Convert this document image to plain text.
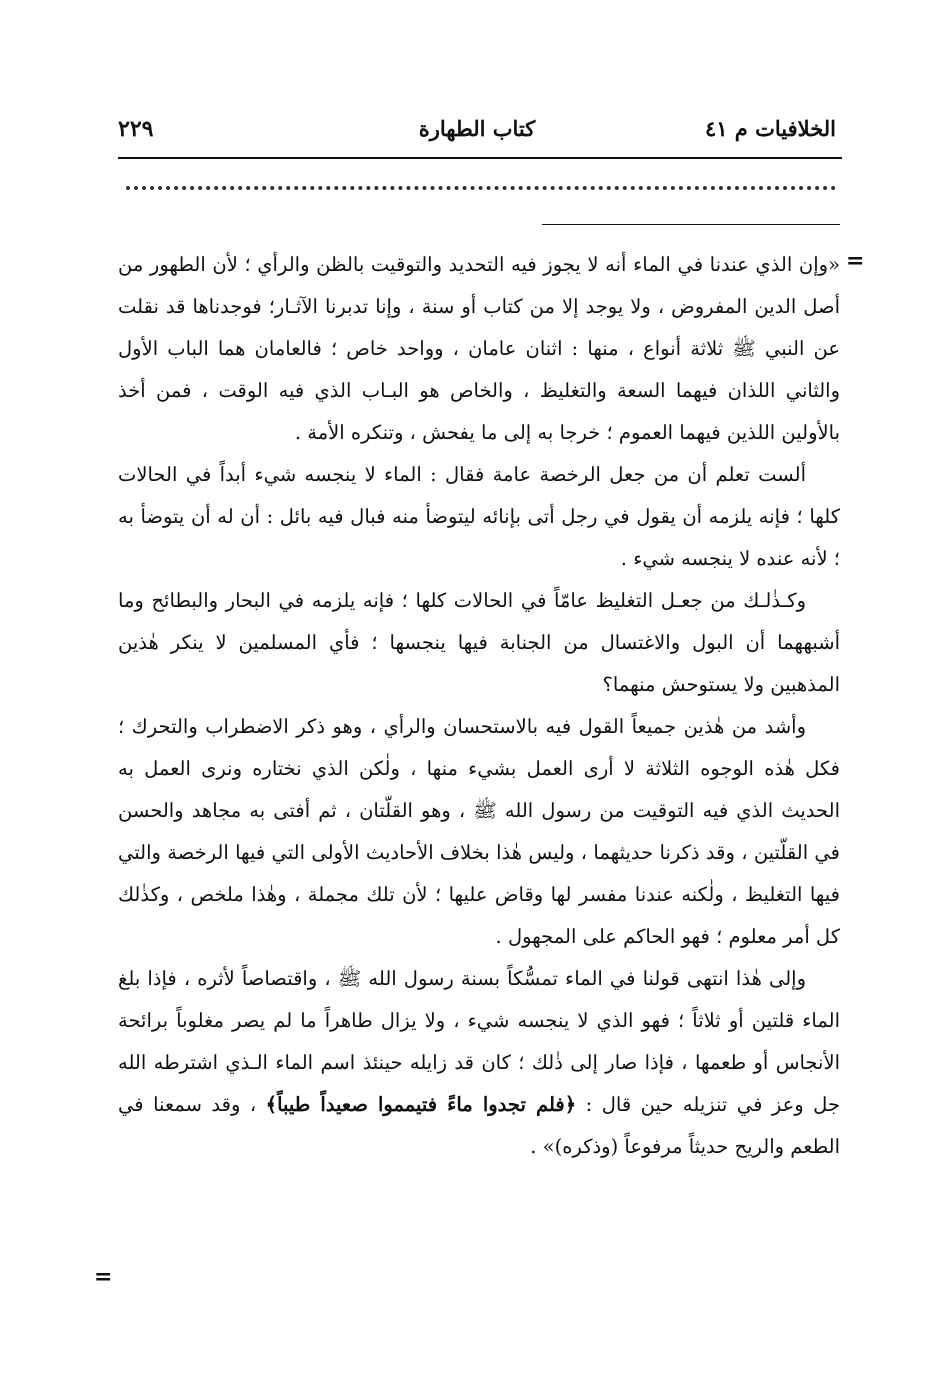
الخلافيات م ٤١
كتاب الطهارة
٢٢٩
=
=

«وإن الذي عندنا في الماء أنه لا يجوز فيه التحديد والتوقيت بالظن والرأي ؛ لأن الطهور من أصل الدين المفروض ، ولا يوجد إلا من كتاب أو سنة ، وإنا تدبرنا الآثـار؛ فوجدناها قد نقلت عن النبي ﷺ ثلاثة أنواع ، منها : اثنان عامان ، وواحد خاص ؛ فالعامان هما الباب الأول والثاني اللذان فيهما السعة والتغليظ ، والخاص هو البـاب الذي فيه الوقت ، فمن أخذ بالأولين اللذين فيهما العموم ؛ خرجا به إلى ما يفحش ، وتنكره الأمة .

ألست تعلم أن من جعل الرخصة عامة فقال : الماء لا ينجسه شيء أبداً في الحالات كلها ؛ فإنه يلزمه أن يقول في رجل أتى بإنائه ليتوضأ منه فبال فيه بائل : أن له أن يتوضأ به ؛ لأنه عنده لا ينجسه شيء .

وكـذٰلـك من جعـل التغليظ عامّاً في الحالات كلها ؛ فإنه يلزمه في البحار والبطائح وما أشبههما أن البول والاغتسال من الجنابة فيها ينجسها ؛ فأي المسلمين لا ينكر هٰذين المذهبين ولا يستوحش منهما؟

وأشد من هٰذين جميعاً القول فيه بالاستحسان والرأي ، وهو ذكر الاضطراب والتحرك ؛ فكل هٰذه الوجوه الثلاثة لا أرى العمل بشيء منها ، ولٰكن الذي نختاره ونرى العمل به الحديث الذي فيه التوقيت من رسول الله ﷺ ، وهو القلّتان ، ثم أفتى به مجاهد والحسن في القلّتين ، وقد ذكرنا حديثهما ، وليس هٰذا بخلاف الأحاديث الأولى التي فيها الرخصة والتي فيها التغليظ ، ولٰكنه عندنا مفسر لها وقاض عليها ؛ لأن تلك مجملة ، وهٰذا ملخص ، وكذٰلك كل أمر معلوم ؛ فهو الحاكم على المجهول .

وإلى هٰذا انتهى قولنا في الماء تمسُّكاً بسنة رسول الله ﷺ ، واقتصاصاً لأثره ، فإذا بلغ الماء قلتين أو ثلاثاً ؛ فهو الذي لا ينجسه شيء ، ولا يزال طاهراً ما لم يصر مغلوباً برائحة الأنجاس أو طعمها ، فإذا صار إلى ذٰلك ؛ كان قد زايله حينئذ اسم الماء الـذي اشترطه الله جل وعز في تنزيله حين قال : ﴿فلم تجدوا ماءً فتيمموا صعيداً طيباً﴾ ، وقد سمعنا في الطعم والريح حديثاً مرفوعاً (وذكره)» .
